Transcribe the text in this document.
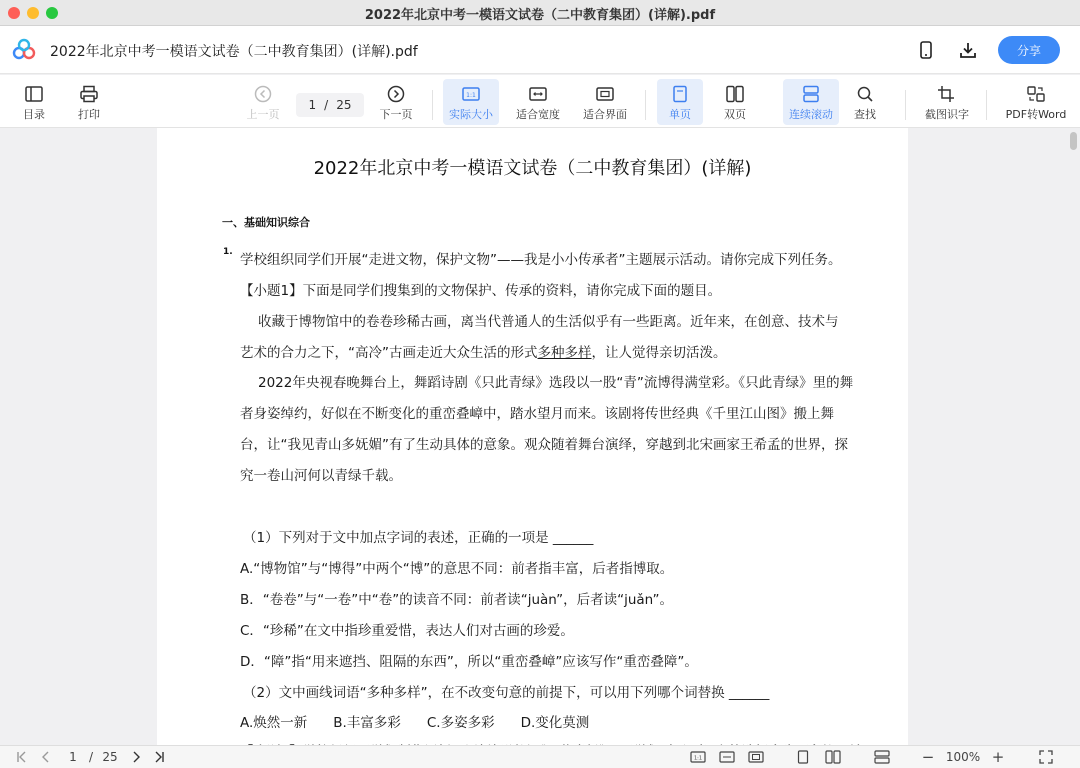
2022年北京中考一模语文试卷（二中教育集团）(详解).pdf
2022年北京中考一模语文试卷（二中教育集团）(详解).pdf	分享
目录	打印	上一页
1 / 25
下一页
1:1
实际大小 适合宽度 适合界面	单页	双页	连续滚动 查找	截图识字	PDF转Word
2022年北京中考一模语文试卷（二中教育集团）(详解)
一、基础知识综合
1. 学校组织同学们开展“走进文物，保护文物”——我是小小传承者”主题展示活动。请你完成下列任务。
【小题1】下面是同学们搜集到的文物保护、传承的资料，请你完成下面的题目。
收藏于博物馆中的卷卷珍稀古画，离当代普通人的生活似乎有一些距离。近年来，在创意、技术与
艺术的合力之下，“高冷”古画走近大众生活的形式多种多样，让人觉得亲切活泼。
2022年央视春晚舞台上，舞蹈诗剧《只此青绿》选段以一股“青”流博得满堂彩。《只此青绿》里的舞
者身姿绰约，好似在不断变化的重峦叠嶂中，踏水望月而来。该剧将传世经典《千里江山图》搬上舞
台，让“我见青山多妩媚”有了生动具体的意象。观众随着舞台演绎，穿越到北宋画家王希孟的世界，探
究一卷山河何以青绿千载。
（1）下列对于文中加点字词的表述，正确的一项是 ______
A.“博物馆”与“博得”中两个“博”的意思不同：前者指丰富，后者指博取。
B．“卷卷”与“一卷”中“卷”的读音不同：前者读“juàn”，后者读“juǎn”。
C．“珍稀”在文中指珍重爱惜，表达人们对古画的珍爱。
D．“障”指“用来遮挡、阻隔的东西”，所以“重峦叠嶂”应该写作“重峦叠障”。
（2）文中画线词语“多种多样”，在不改变句意的前提下，可以用下列哪个词替换 ______
A.焕然一新 B.丰富多彩 C.多姿多彩 D.变化莫测
1 / 25	1:1	− 100% +
